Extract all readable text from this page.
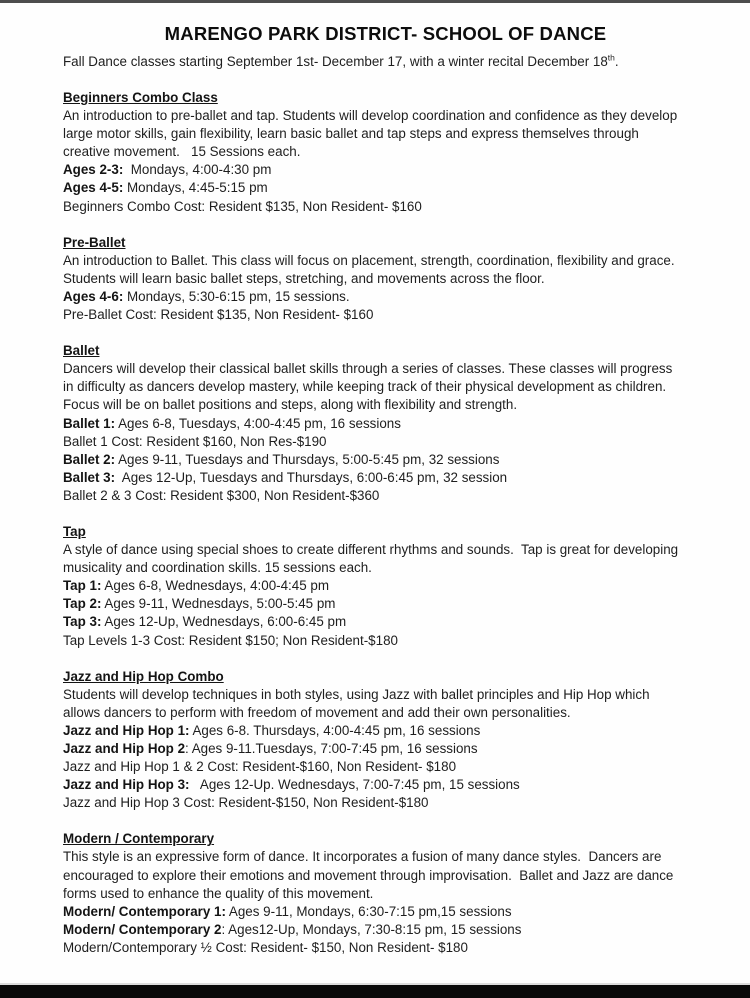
MARENGO PARK DISTRICT- SCHOOL OF DANCE

Fall Dance classes starting September 1st- December 17, with a winter recital December 18th.

Beginners Combo Class
An introduction to pre-ballet and tap. Students will develop coordination and confidence as they develop
large motor skills, gain flexibility, learn basic ballet and tap steps and express themselves through
creative movement.   15 Sessions each.
Ages 2-3:  Mondays, 4:00-4:30 pm
Ages 4-5: Mondays, 4:45-5:15 pm
Beginners Combo Cost: Resident $135, Non Resident- $160
Pre-Ballet
An introduction to Ballet. This class will focus on placement, strength, coordination, flexibility and grace.
Students will learn basic ballet steps, stretching, and movements across the floor.
Ages 4-6: Mondays, 5:30-6:15 pm, 15 sessions.
Pre-Ballet Cost: Resident $135, Non Resident- $160
Ballet
Dancers will develop their classical ballet skills through a series of classes. These classes will progress
in difficulty as dancers develop mastery, while keeping track of their physical development as children.
Focus will be on ballet positions and steps, along with flexibility and strength.
Ballet 1: Ages 6-8, Tuesdays, 4:00-4:45 pm, 16 sessions
Ballet 1 Cost: Resident $160, Non Res-$190
Ballet 2: Ages 9-11, Tuesdays and Thursdays, 5:00-5:45 pm, 32 sessions
Ballet 3:  Ages 12-Up, Tuesdays and Thursdays, 6:00-6:45 pm, 32 session
Ballet 2 & 3 Cost: Resident $300, Non Resident-$360
Tap
A style of dance using special shoes to create different rhythms and sounds.  Tap is great for developing
musicality and coordination skills. 15 sessions each.
Tap 1: Ages 6-8, Wednesdays, 4:00-4:45 pm
Tap 2: Ages 9-11, Wednesdays, 5:00-5:45 pm
Tap 3: Ages 12-Up, Wednesdays, 6:00-6:45 pm
Tap Levels 1-3 Cost: Resident $150; Non Resident-$180
Jazz and Hip Hop Combo
Students will develop techniques in both styles, using Jazz with ballet principles and Hip Hop which
allows dancers to perform with freedom of movement and add their own personalities.
Jazz and Hip Hop 1: Ages 6-8. Thursdays, 4:00-4:45 pm, 16 sessions
Jazz and Hip Hop 2: Ages 9-11.Tuesdays, 7:00-7:45 pm, 16 sessions
Jazz and Hip Hop 1 & 2 Cost: Resident-$160, Non Resident- $180
Jazz and Hip Hop 3:   Ages 12-Up. Wednesdays, 7:00-7:45 pm, 15 sessions
Jazz and Hip Hop 3 Cost: Resident-$150, Non Resident-$180
Modern / Contemporary
This style is an expressive form of dance. It incorporates a fusion of many dance styles.  Dancers are
encouraged to explore their emotions and movement through improvisation.  Ballet and Jazz are dance
forms used to enhance the quality of this movement.
Modern/ Contemporary 1: Ages 9-11, Mondays, 6:30-7:15 pm,15 sessions
Modern/ Contemporary 2: Ages12-Up, Mondays, 7:30-8:15 pm, 15 sessions
Modern/Contemporary ½ Cost: Resident- $150, Non Resident- $180
